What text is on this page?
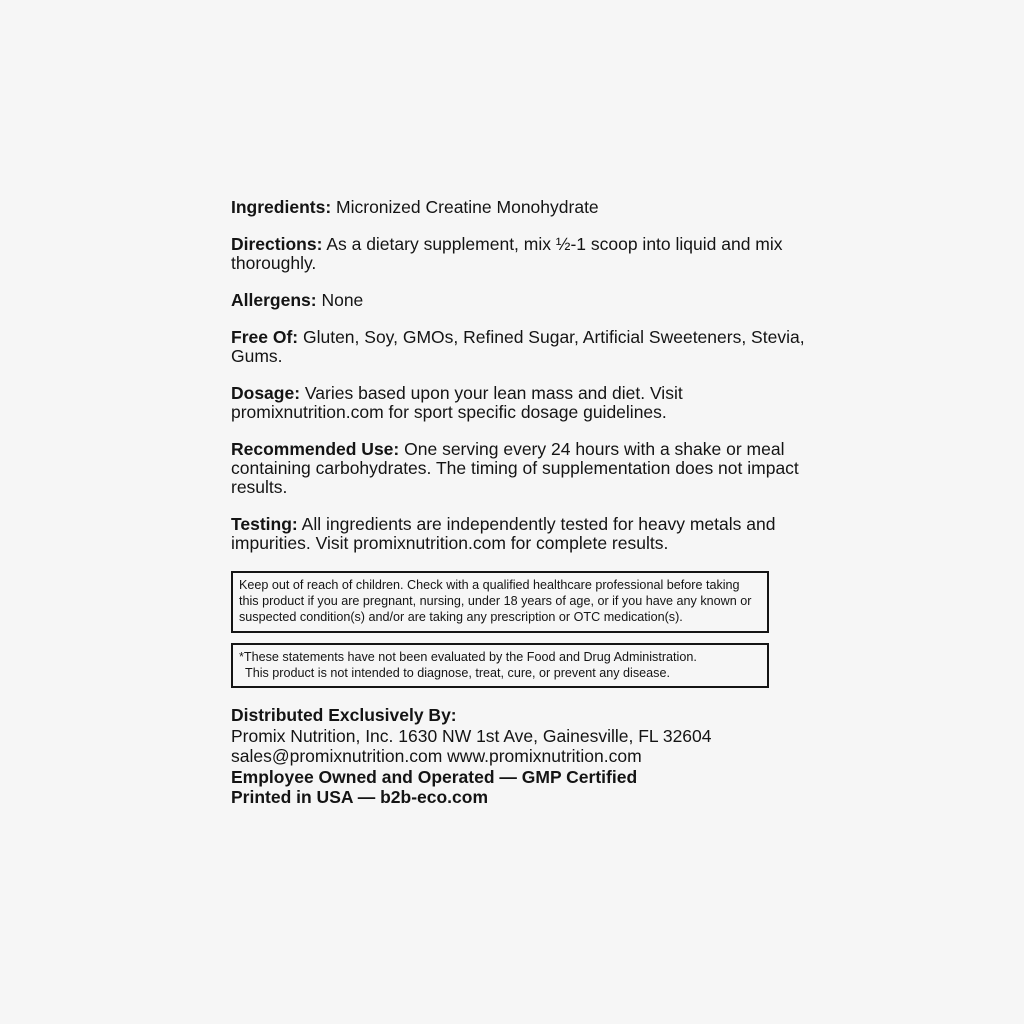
Ingredients: Micronized Creatine Monohydrate

Directions: As a dietary supplement, mix ½-1 scoop into liquid and mix thoroughly.

Allergens: None

Free Of: Gluten, Soy, GMOs, Refined Sugar, Artificial Sweeteners, Stevia, Gums.

Dosage: Varies based upon your lean mass and diet. Visit promixnutrition.com for sport specific dosage guidelines.

Recommended Use: One serving every 24 hours with a shake or meal containing carbohydrates. The timing of supplementation does not impact results.

Testing: All ingredients are independently tested for heavy metals and impurities. Visit promixnutrition.com for complete results.

Keep out of reach of children. Check with a qualified healthcare professional before taking this product if you are pregnant, nursing, under 18 years of age, or if you have any known or suspected condition(s) and/or are taking any prescription or OTC medication(s).

*These statements have not been evaluated by the Food and Drug Administration.

This product is not intended to diagnose, treat, cure, or prevent any disease.

Distributed Exclusively By:
Promix Nutrition, Inc. 1630 NW 1st Ave, Gainesville, FL 32604
sales@promixnutrition.com www.promixnutrition.com
Employee Owned and Operated — GMP Certified
Printed in USA — b2b-eco.com
